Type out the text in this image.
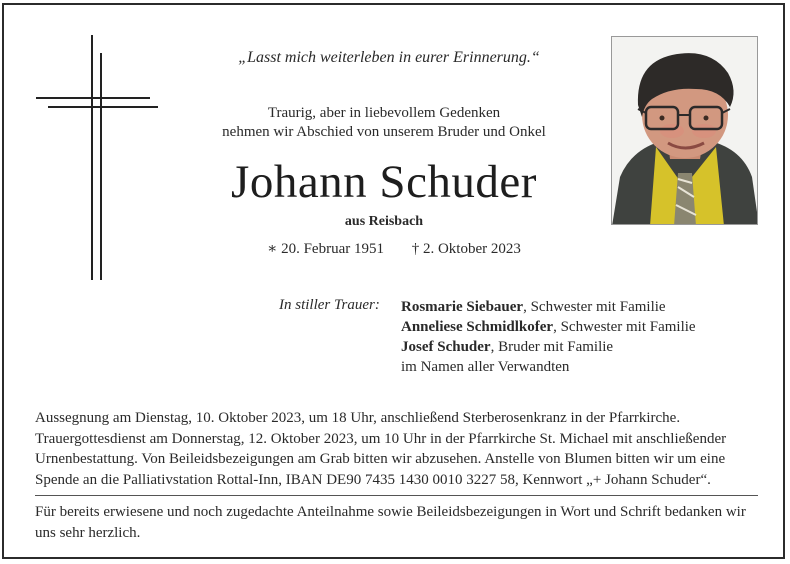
„Lasst mich weiterleben in eurer Erinnerung.“
Traurig, aber in liebevollem Gedenken
nehmen wir Abschied von unserem Bruder und Onkel
Johann Schuder
aus Reisbach
∗ 20. Februar 1951 † 2. Oktober 2023
In stiller Trauer: Rosmarie Siebauer, Schwester mit Familie
Anneliese Schmidlkofer, Schwester mit Familie
Josef Schuder, Bruder mit Familie
im Namen aller Verwandten
Aussegnung am Dienstag, 10. Oktober 2023, um 18 Uhr, anschließend Sterberosenkranz in der Pfarrkirche. Trauergottesdienst am Donnerstag, 12. Oktober 2023, um 10 Uhr in der Pfarrkirche St. Michael mit anschließender Urnenbestattung. Von Beileidsbezeigungen am Grab bitten wir abzusehen. Anstelle von Blumen bitten wir um eine Spende an die Palliativstation Rottal-Inn, IBAN DE90 7435 1430 0010 3227 58, Kennwort „+ Johann Schuder“.
Für bereits erwiesene und noch zugedachte Anteilnahme sowie Beileidsbezeigungen in Wort und Schrift bedanken wir uns sehr herzlich.
